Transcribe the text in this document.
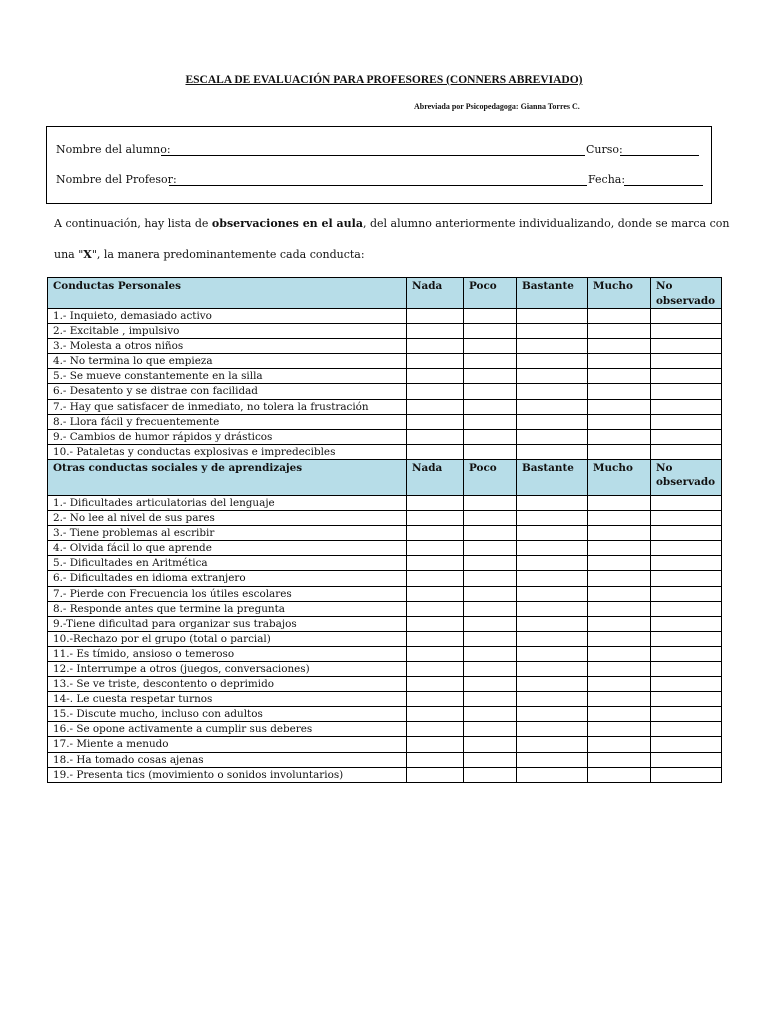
ESCALA DE EVALUACIÓN PARA PROFESORES (CONNERS ABREVIADO)
Abreviada por Psicopedagoga: Gianna Torres C.
Nombre del alumno:	Curso:
Nombre del Profesor:	Fecha:
A continuación, hay lista de observaciones en el aula, del alumno anteriormente individualizando, donde se marca con
una "X", la manera predominantemente cada conducta:
Conductas Personales	Nada	Poco	Bastante	Mucho	No observado
1.- Inquieto, demasiado activo					
2.- Excitable , impulsivo					
3.- Molesta a otros niños					
4.- No termina lo que empieza					
5.- Se mueve constantemente en la silla					
6.- Desatento y se distrae con facilidad					
7.- Hay que satisfacer de inmediato, no tolera la frustración					
8.- Llora fácil y frecuentemente					
9.- Cambios de humor rápidos y drásticos					
10.- Pataletas y conductas explosivas e impredecibles					
Otras conductas sociales y de aprendizajes	Nada	Poco	Bastante	Mucho	No observado
1.- Dificultades articulatorias del lenguaje					
2.- No lee al nivel de sus pares					
3.- Tiene problemas al escribir					
4.- Olvida fácil lo que aprende					
5.- Dificultades en Aritmética					
6.- Dificultades en idioma extranjero					
7.- Pierde con Frecuencia los útiles escolares					
8.- Responde antes que termine la pregunta					
9.-Tiene dificultad para organizar sus trabajos					
10.-Rechazo por el grupo (total o parcial)					
11.- Es tímido, ansioso o temeroso					
12.- Interrumpe a otros (juegos, conversaciones)					
13.- Se ve triste, descontento o deprimido					
14-. Le cuesta respetar turnos					
15.- Discute mucho, incluso con adultos					
16.- Se opone activamente a cumplir sus deberes					
17.- Miente a menudo					
18.- Ha tomado cosas ajenas					
19.- Presenta tics (movimiento o sonidos involuntarios)					
